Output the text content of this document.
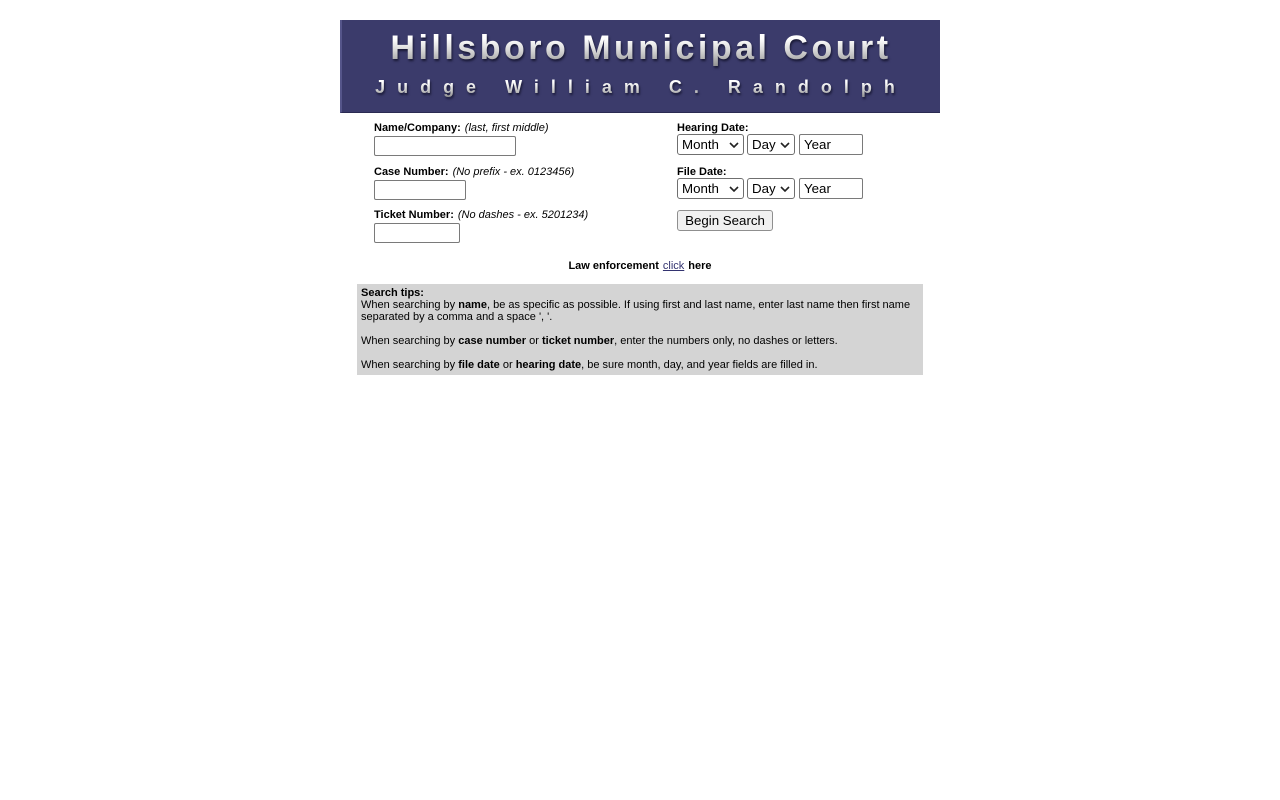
Hillsboro Municipal Court
Judge William C. Randolph
Name/Company: (last, first middle)
Case Number: (No prefix - ex. 0123456)
Ticket Number: (No dashes - ex. 5201234)
Hearing Date:
Month
Day
Year
File Date:
Month
Day
Year
Begin Search
Law enforcement click here
Search tips:
When searching by name, be as specific as possible. If using first and last name, enter last name then first name separated by a comma and a space ', '.
When searching by case number or ticket number, enter the numbers only, no dashes or letters.
When searching by file date or hearing date, be sure month, day, and year fields are filled in.
